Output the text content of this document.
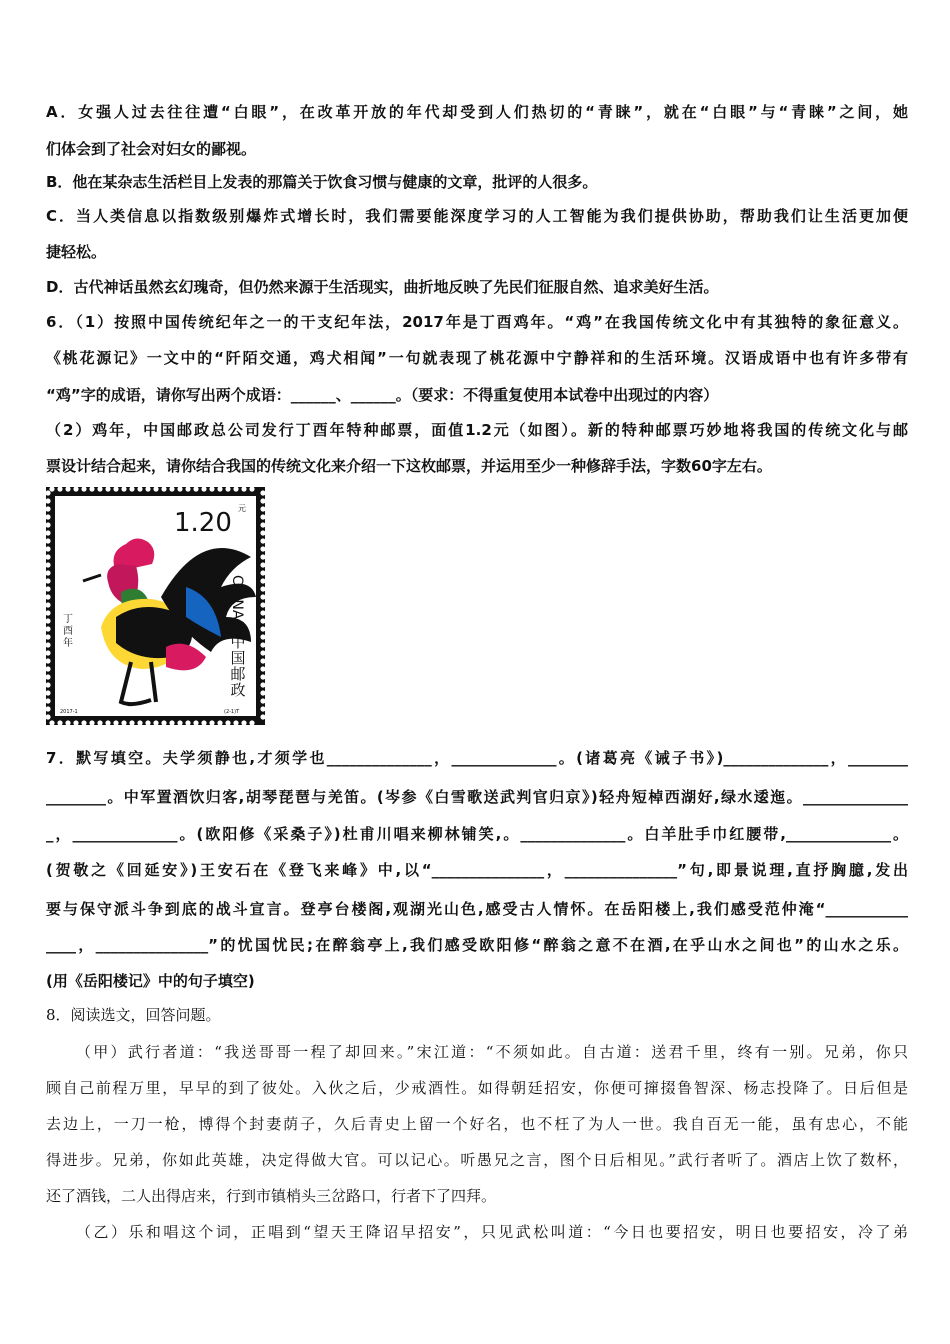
A．女强人过去往往遭“白眼”，在改革开放的年代却受到人们热切的“青睐”，就在“白眼”与“青睐”之间，她
们体会到了社会对妇女的鄙视。
B．他在某杂志生活栏目上发表的那篇关于饮食习惯与健康的文章，批评的人很多。
C．当人类信息以指数级别爆炸式增长时，我们需要能深度学习的人工智能为我们提供协助，帮助我们让生活更加便
捷轻松。
D．古代神话虽然玄幻瑰奇，但仍然来源于生活现实，曲折地反映了先民们征服自然、追求美好生活。
6．（1）按照中国传统纪年之一的干支纪年法，2017年是丁酉鸡年。“鸡”在我国传统文化中有其独特的象征意义。
《桃花源记》一文中的“阡陌交通，鸡犬相闻”一句就表现了桃花源中宁静祥和的生活环境。汉语成语中也有许多带有
“鸡”字的成语，请你写出两个成语：______、______。（要求：不得重复使用本试卷中出现过的内容）
（2）鸡年，中国邮政总公司发行丁酉年特种邮票，面值1.2元（如图）。新的特种邮票巧妙地将我国的传统文化与邮
票设计结合起来，请你结合我国的传统文化来介绍一下这枚邮票，并运用至少一种修辞手法，字数60字左右。
1.20 元
CHINA
中国邮政
丁酉年
2017-1	(2-1)T
7．默写填空。夫学须静也,才须学也______________，______________。(诸葛亮《诫子书》)______________，________
________。中军置酒饮归客,胡琴琵琶与羌笛。(岑参《白雪歌送武判官归京》)轻舟短棹西湖好,绿水逶迤。______________
_，______________。(欧阳修《采桑子》)杜甫川唱来柳林铺笑,。______________。白羊肚手巾红腰带,______________。
(贺敬之《回延安》)王安石在《登飞来峰》中,以“_______________，_______________”句,即景说理,直抒胸臆,发出
要与保守派斗争到底的战斗宣言。登亭台楼阁,观湖光山色,感受古人情怀。在岳阳楼上,我们感受范仲淹“___________
____，_______________”的忧国忧民;在醉翁亭上,我们感受欧阳修“醉翁之意不在酒,在乎山水之间也”的山水之乐。
(用《岳阳楼记》中的句子填空)
8．阅读选文，回答问题。
（甲）武行者道：“我送哥哥一程了却回来。”宋江道：“不须如此。自古道：送君千里，终有一别。兄弟，你只
顾自己前程万里，早早的到了彼处。入伙之后，少戒酒性。如得朝廷招安，你便可撺掇鲁智深、杨志投降了。日后但是
去边上，一刀一枪，博得个封妻荫子，久后青史上留一个好名，也不枉了为人一世。我自百无一能，虽有忠心，不能
得进步。兄弟，你如此英雄，决定得做大官。可以记心。听愚兄之言，图个日后相见。”武行者听了。酒店上饮了数杯，
还了酒钱，二人出得店来，行到市镇梢头三岔路口，行者下了四拜。
（乙）乐和唱这个词，正唱到“望天王降诏早招安”，只见武松叫道：“今日也要招安，明日也要招安，冷了弟
